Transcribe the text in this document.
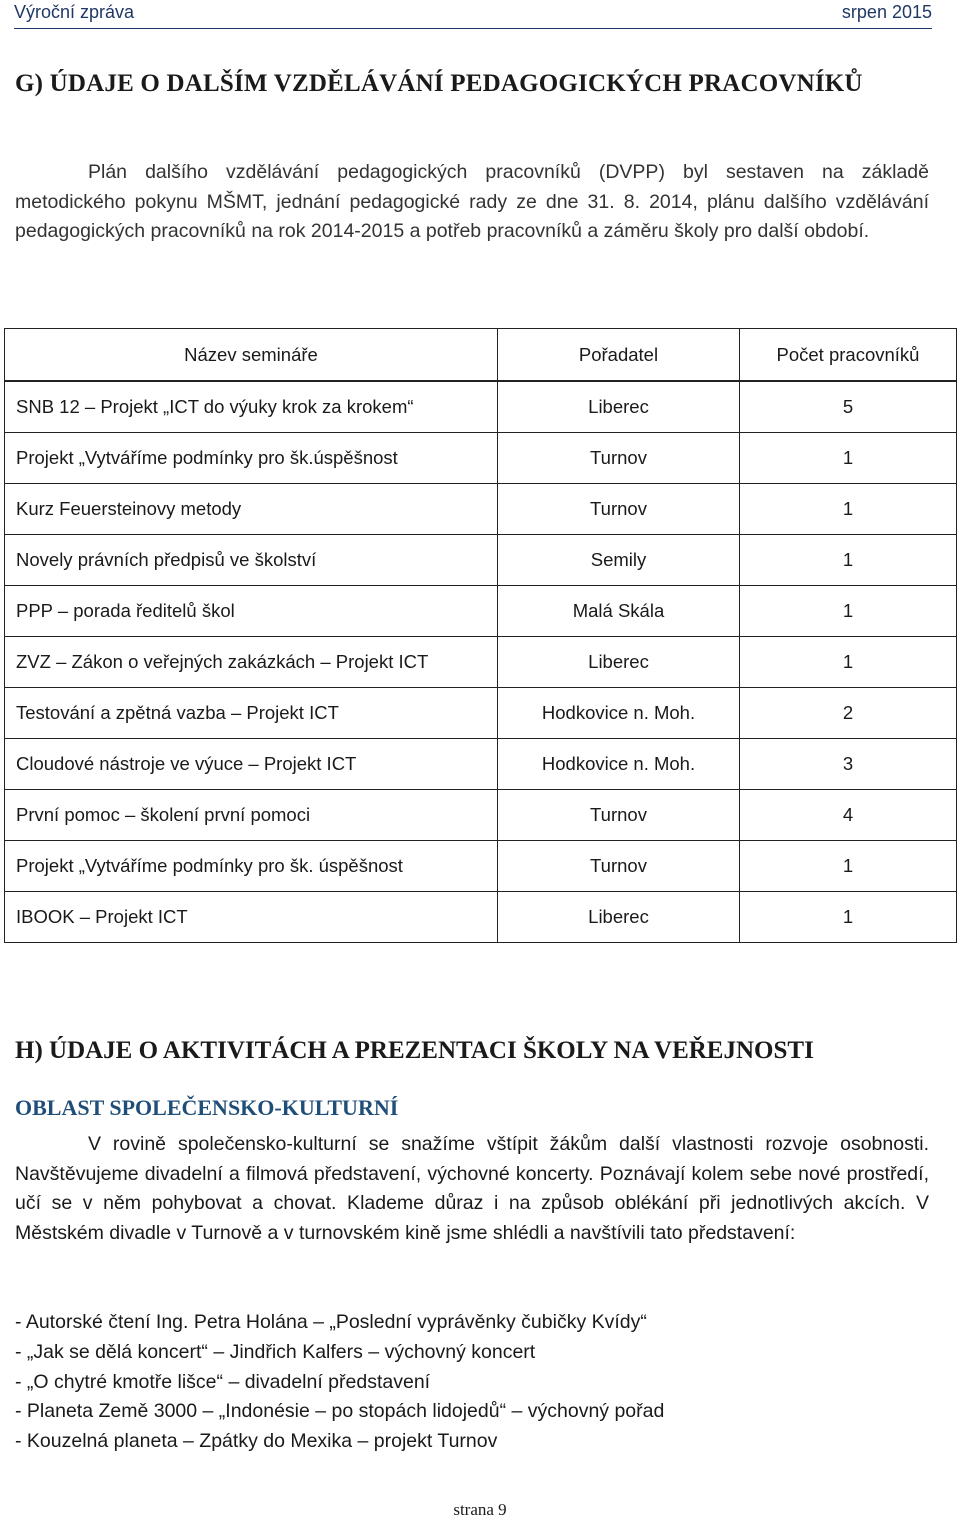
Výroční zpráva	srpen 2015
G) ÚDAJE O DALŠÍM VZDĚLÁVÁNÍ PEDAGOGICKÝCH PRACOVNÍKŮ

Plán dalšího vzdělávání pedagogických pracovníků (DVPP) byl sestaven na základě metodického pokynu MŠMT, jednání pedagogické rady ze dne 31. 8. 2014, plánu dalšího vzdělávání pedagogických pracovníků na rok 2014-2015 a potřeb pracovníků a záměru školy pro další období.

Název semináře	Pořadatel	Počet pracovníků
SNB 12 – Projekt „ICT do výuky krok za krokem“	Liberec	5
Projekt „Vytváříme podmínky pro šk.úspěšnost	Turnov	1
Kurz Feuersteinovy metody	Turnov	1
Novely právních předpisů ve školství	Semily	1
PPP – porada ředitelů škol	Malá Skála	1
ZVZ – Zákon o veřejných zakázkách – Projekt ICT	Liberec	1
Testování a zpětná vazba – Projekt ICT	Hodkovice n. Moh.	2
Cloudové nástroje ve výuce – Projekt ICT	Hodkovice n. Moh.	3
První pomoc – školení první pomoci	Turnov	4
Projekt „Vytváříme podmínky pro šk. úspěšnost	Turnov	1
IBOOK – Projekt ICT	Liberec	1
H) ÚDAJE O AKTIVITÁCH A PREZENTACI ŠKOLY NA VEŘEJNOSTI
OBLAST SPOLEČENSKO-KULTURNÍ

V rovině společensko-kulturní se snažíme vštípit žákům další vlastnosti rozvoje osobnosti. Navštěvujeme divadelní a filmová představení, výchovné koncerty. Poznávají kolem sebe nové prostředí, učí se v něm pohybovat a chovat. Klademe důraz i na způsob oblékání při jednotlivých akcích. V Městském divadle v Turnově a v turnovském kině jsme shlédli a navštívili tato představení:

- Autorské čtení Ing. Petra Holána – „Poslední vyprávěnky čubičky Kvídy“
- „Jak se dělá koncert“ – Jindřich Kalfers – výchovný koncert
- „O chytré kmotře lišce“ – divadelní představení
- Planeta Země 3000 – „Indonésie – po stopách lidojedů“ – výchovný pořad
- Kouzelná planeta – Zpátky do Mexika – projekt Turnov
strana 9
